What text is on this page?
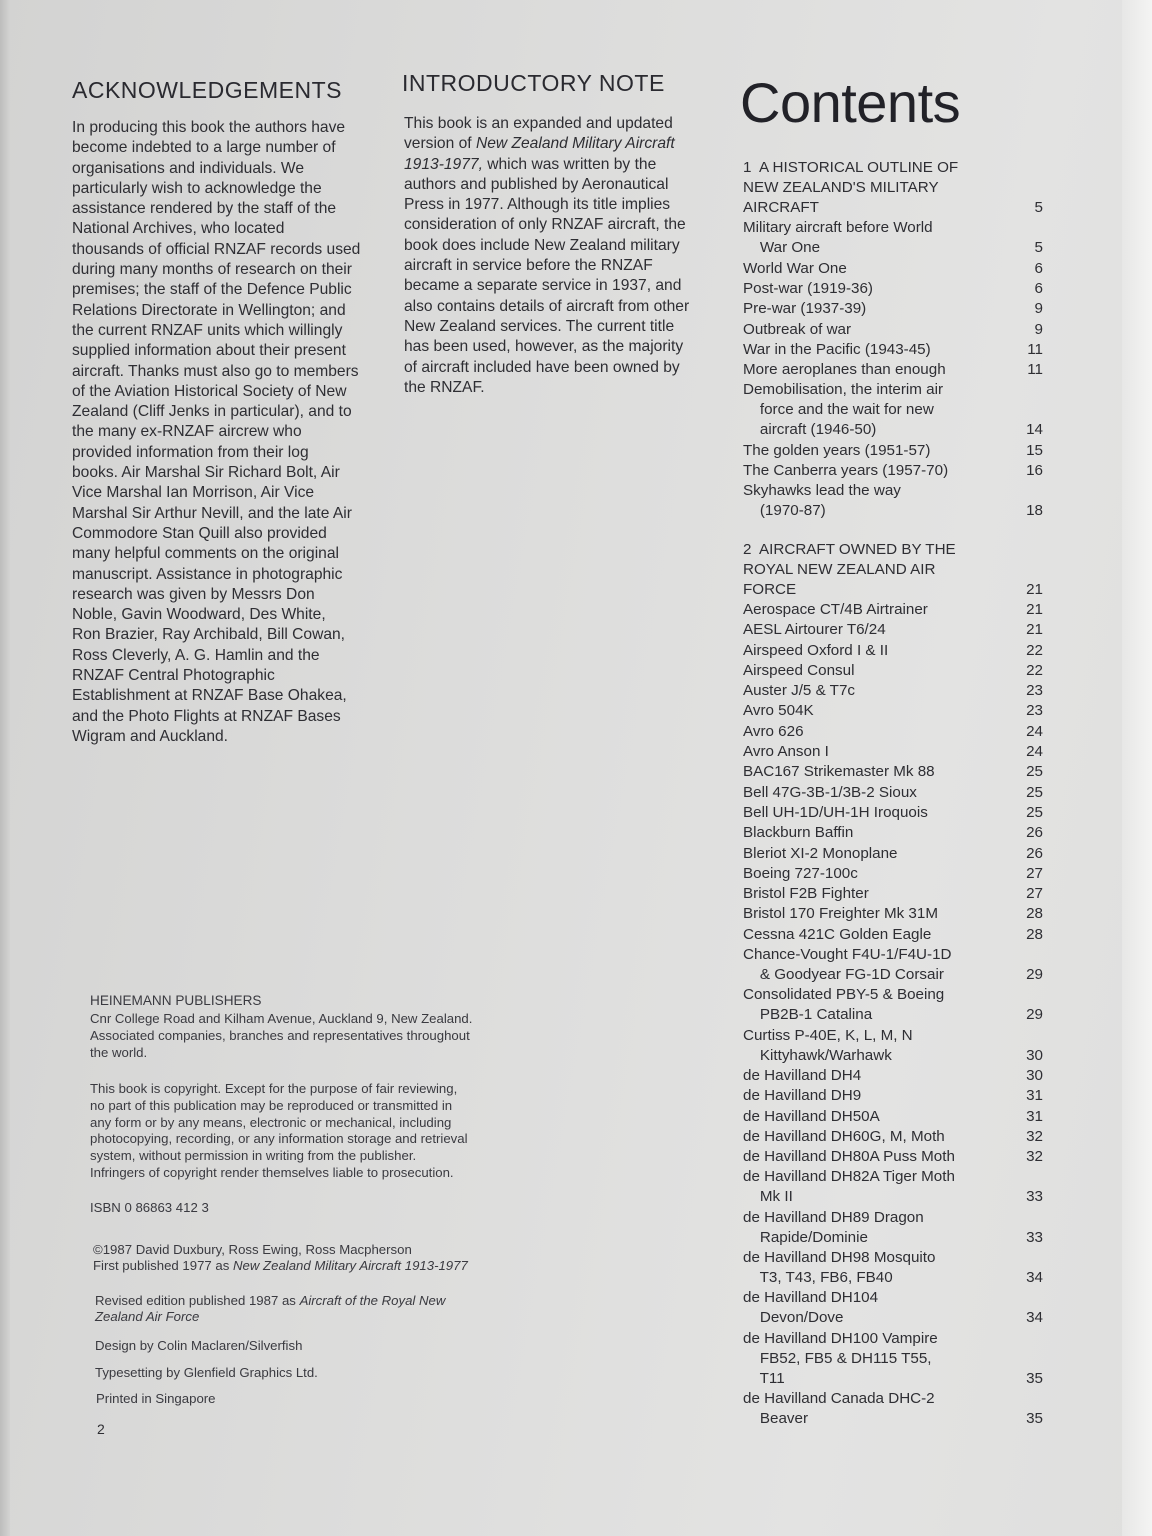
ACKNOWLEDGEMENTS
In producing this book the authors have
become indebted to a large number of
organisations and individuals. We
particularly wish to acknowledge the
assistance rendered by the staff of the
National Archives, who located
thousands of official RNZAF records used
during many months of research on their
premises; the staff of the Defence Public
Relations Directorate in Wellington; and
the current RNZAF units which willingly
supplied information about their present
aircraft. Thanks must also go to members
of the Aviation Historical Society of New
Zealand (Cliff Jenks in particular), and to
the many ex-RNZAF aircrew who
provided information from their log
books. Air Marshal Sir Richard Bolt, Air
Vice Marshal Ian Morrison, Air Vice
Marshal Sir Arthur Nevill, and the late Air
Commodore Stan Quill also provided
many helpful comments on the original
manuscript. Assistance in photographic
research was given by Messrs Don
Noble, Gavin Woodward, Des White,
Ron Brazier, Ray Archibald, Bill Cowan,
Ross Cleverly, A. G. Hamlin and the
RNZAF Central Photographic
Establishment at RNZAF Base Ohakea,
and the Photo Flights at RNZAF Bases
Wigram and Auckland.
INTRODUCTORY NOTE
This book is an expanded and updated
version of New Zealand Military Aircraft
1913-1977, which was written by the
authors and published by Aeronautical
Press in 1977. Although its title implies
consideration of only RNZAF aircraft, the
book does include New Zealand military
aircraft in service before the RNZAF
became a separate service in 1937, and
also contains details of aircraft from other
New Zealand services. The current title
has been used, however, as the majority
of aircraft included have been owned by
the RNZAF.
Contents
1  A HISTORICAL OUTLINE OF
NEW ZEALAND'S MILITARY
AIRCRAFT	5
Military aircraft before World
War One	5
World War One	6
Post-war (1919-36)	6
Pre-war (1937-39)	9
Outbreak of war	9
War in the Pacific (1943-45)	11
More aeroplanes than enough	11
Demobilisation, the interim air
force and the wait for new
aircraft (1946-50)	14
The golden years (1951-57)	15
The Canberra years (1957-70)	16
Skyhawks lead the way
(1970-87)	18
2  AIRCRAFT OWNED BY THE
ROYAL NEW ZEALAND AIR
FORCE	21
Aerospace CT/4B Airtrainer	21
AESL Airtourer T6/24	21
Airspeed Oxford I & II	22
Airspeed Consul	22
Auster J/5 & T7c	23
Avro 504K	23
Avro 626	24
Avro Anson I	24
BAC167 Strikemaster Mk 88	25
Bell 47G-3B-1/3B-2 Sioux	25
Bell UH-1D/UH-1H Iroquois	25
Blackburn Baffin	26
Bleriot XI-2 Monoplane	26
Boeing 727-100c	27
Bristol F2B Fighter	27
Bristol 170 Freighter Mk 31M	28
Cessna 421C Golden Eagle	28
Chance-Vought F4U-1/F4U-1D
& Goodyear FG-1D Corsair	29
Consolidated PBY-5 & Boeing
PB2B-1 Catalina	29
Curtiss P-40E, K, L, M, N
Kittyhawk/Warhawk	30
de Havilland DH4	30
de Havilland DH9	31
de Havilland DH50A	31
de Havilland DH60G, M, Moth	32
de Havilland DH80A Puss Moth	32
de Havilland DH82A Tiger Moth
Mk II	33
de Havilland DH89 Dragon
Rapide/Dominie	33
de Havilland DH98 Mosquito
T3, T43, FB6, FB40	34
de Havilland DH104
Devon/Dove	34
de Havilland DH100 Vampire
FB52, FB5 & DH115 T55,
T11	35
de Havilland Canada DHC-2
Beaver	35
HEINEMANN PUBLISHERS
Cnr College Road and Kilham Avenue, Auckland 9, New Zealand.
Associated companies, branches and representatives throughout
the world.
This book is copyright. Except for the purpose of fair reviewing,
no part of this publication may be reproduced or transmitted in
any form or by any means, electronic or mechanical, including
photocopying, recording, or any information storage and retrieval
system, without permission in writing from the publisher.
Infringers of copyright render themselves liable to prosecution.
ISBN 0 86863 412 3
©1987 David Duxbury, Ross Ewing, Ross Macpherson
First published 1977 as New Zealand Military Aircraft 1913-1977
Revised edition published 1987 as Aircraft of the Royal New
Zealand Air Force
Design by Colin Maclaren/Silverfish
Typesetting by Glenfield Graphics Ltd.
Printed in Singapore
2
